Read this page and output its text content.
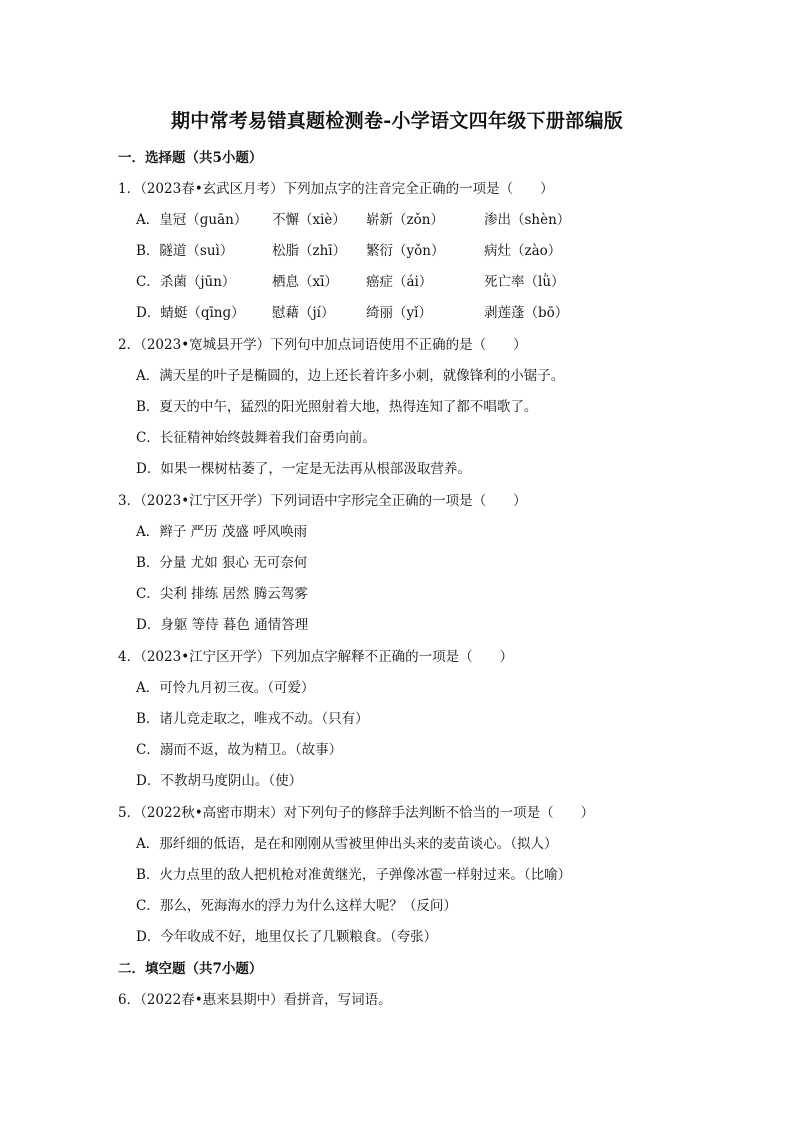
期中常考易错真题检测卷-小学语文四年级下册部编版
一．选择题（共5小题）
1．（2023春•玄武区月考）下列加点字的注音完全正确的一项是（　　）
A．皇冠（ɡuān） 不懈（xiè） 崭新（zǒn）	渗出（shèn）
B．隧道（suì）	松脂（zhī） 繁衍（yǒn）	病灶（zào）
C．杀菌（jūn）	栖息（xī） 癌症（ái）	死亡率（lǜ）
D．蜻蜓（qīnɡ） 慰藉（jí） 绮丽（yǐ）	剥莲蓬（bō）
2．（2023•宽城县开学）下列句中加点词语使用不正确的是（　　）
A．满天星的叶子是椭圆的，边上还长着许多小刺，就像锋利的小锯子。
B．夏天的中午，猛烈的阳光照射着大地，热得连知了都不唱歌了。
C．长征精神始终鼓舞着我们奋勇向前。
D．如果一棵树枯萎了，一定是无法再从根部汲取营养。
3．（2023•江宁区开学）下列词语中字形完全正确的一项是（　　）
A．辫子 严历 茂盛 呼风唤雨
B．分量 尤如 狠心 无可奈何
C．尖利 排练 居然 腾云驾雾
D．身躯 等侍 暮色 通情答理
4．（2023•江宁区开学）下列加点字解释不正确的一项是（　　）
A．可怜九月初三夜。（可爱）
B．诸儿竞走取之，唯戎不动。（只有）
C．溺而不返，故为精卫。（故事）
D．不教胡马度阴山。（使）
5．（2022秋•高密市期末）对下列句子的修辞手法判断不恰当的一项是（　　）
A．那纤细的低语，是在和刚刚从雪被里伸出头来的麦苗谈心。（拟人）
B．火力点里的敌人把机枪对准黄继光，子弹像冰雹一样射过来。（比喻）
C．那么，死海海水的浮力为什么这样大呢？（反问）
D．今年收成不好，地里仅长了几颗粮食。（夸张）
二．填空题（共7小题）
6．（2022春•惠来县期中）看拼音，写词语。
